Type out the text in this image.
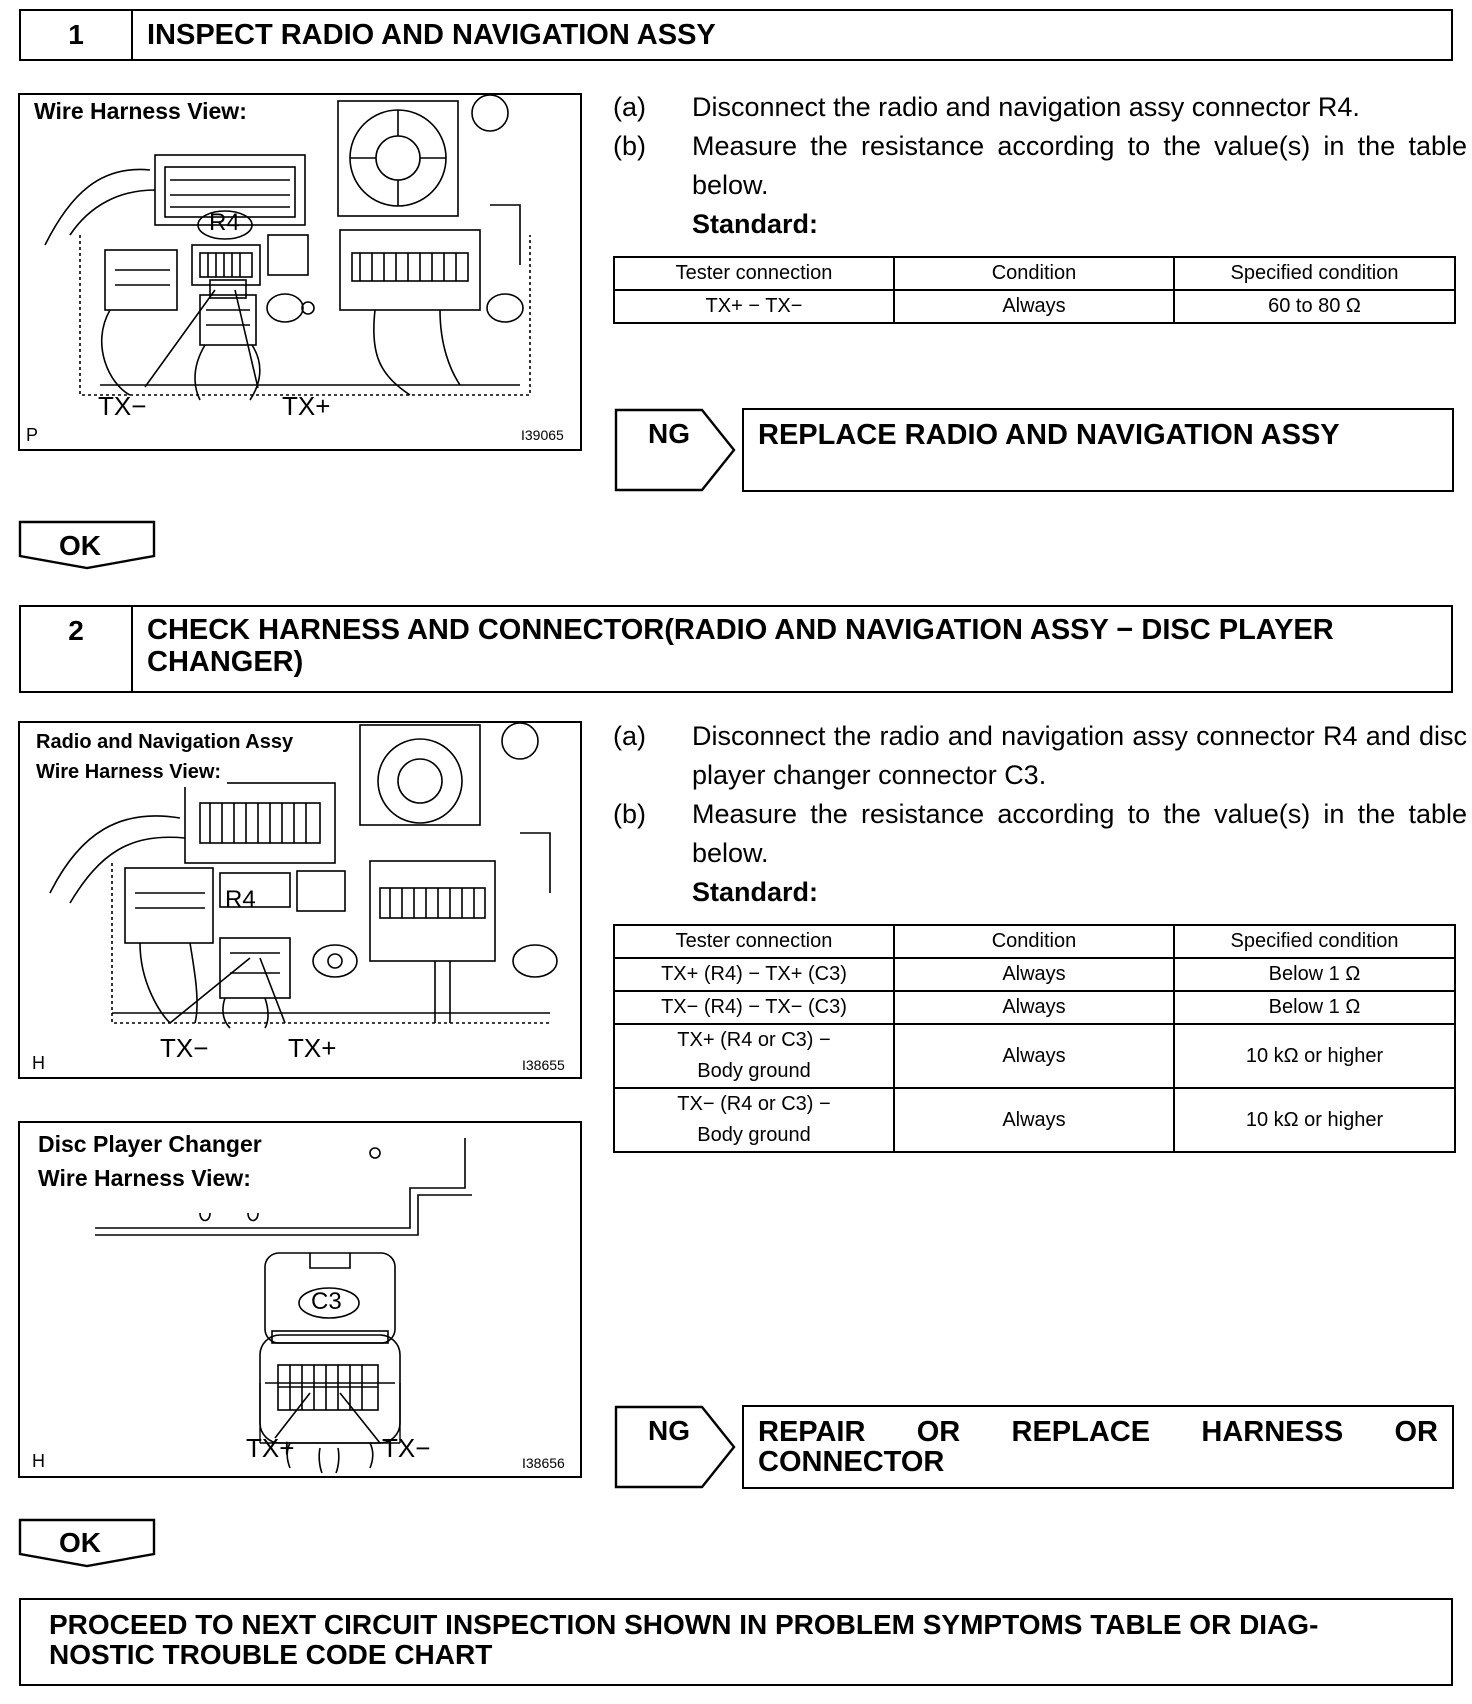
1	INSPECT RADIO AND NAVIGATION ASSY
Wire Harness View:
R4
TX−	TX+
P	I39065
(a) Disconnect the radio and navigation assy connector R4.
(b) Measure the resistance according to the value(s) in the table below.
Standard:
Tester connection	Condition	Specified condition
TX+ − TX−	Always	60 to 80 Ω
NG REPLACE RADIO AND NAVIGATION ASSY
OK
2	CHECK HARNESS AND CONNECTOR(RADIO AND NAVIGATION ASSY − DISC PLAYER CHANGER)
Radio and Navigation Assy
Wire Harness View:
R4
TX−	TX+
H	I38655
Disc Player Changer
Wire Harness View:
C3
TX+	TX−
H	I38656
(a) Disconnect the radio and navigation assy connector R4 and disc player changer connector C3.
(b) Measure the resistance according to the value(s) in the table below.
Standard:
Tester connection	Condition	Specified condition
TX+ (R4) − TX+ (C3)	Always	Below 1 Ω
TX− (R4) − TX− (C3)	Always	Below 1 Ω
TX+ (R4 or C3) − Body ground	Always	10 kΩ or higher
TX− (R4 or C3) − Body ground	Always	10 kΩ or higher
NG REPAIR OR REPLACE HARNESS OR
CONNECTOR
OK
PROCEED TO NEXT CIRCUIT INSPECTION SHOWN IN PROBLEM SYMPTOMS TABLE OR DIAG-
NOSTIC TROUBLE CODE CHART
